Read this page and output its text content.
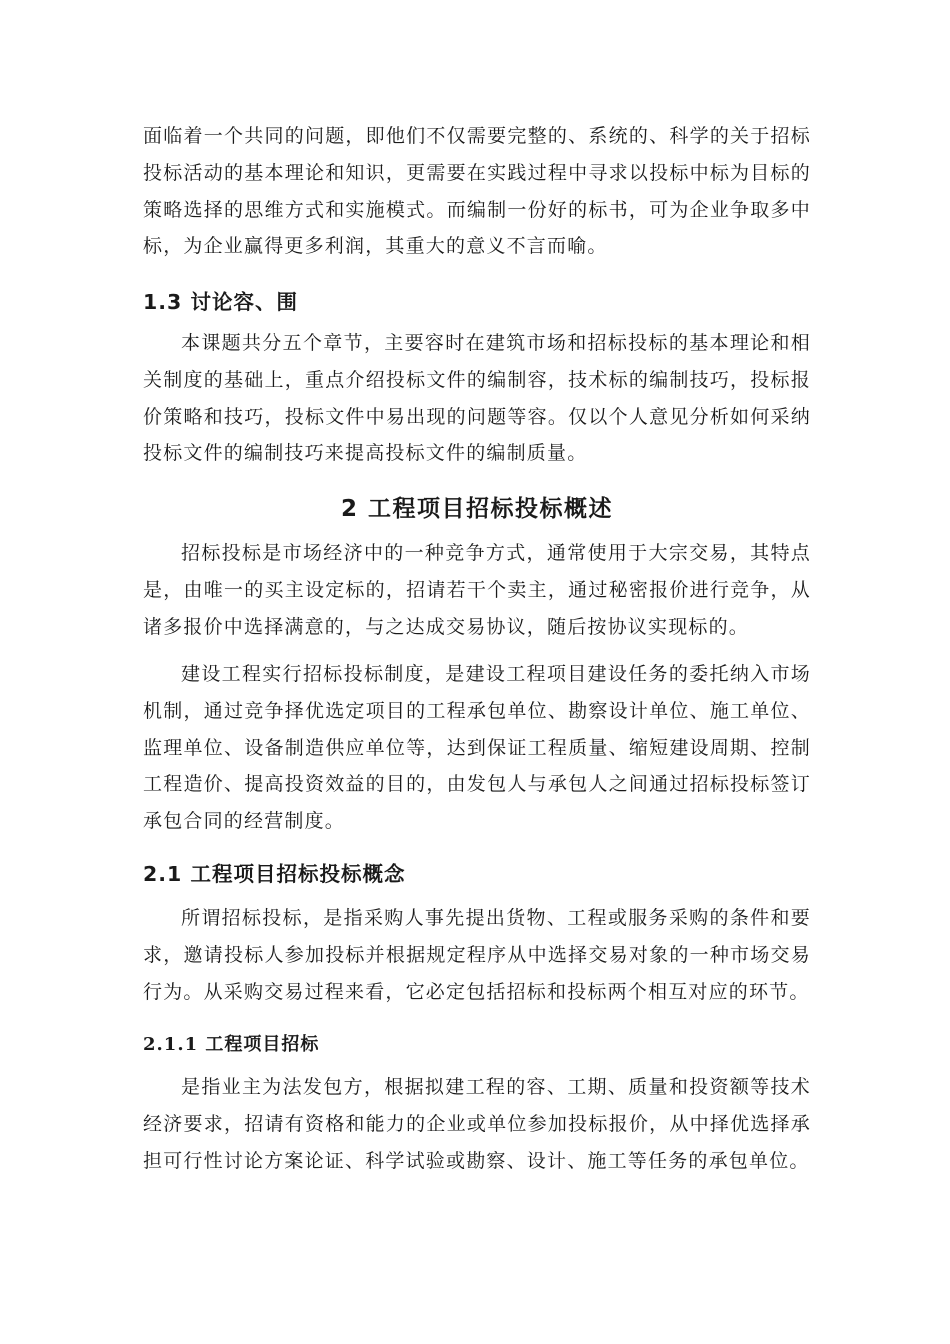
面临着一个共同的问题，即他们不仅需要完整的、系统的、科学的关于招标投标活动的基本理论和知识，更需要在实践过程中寻求以投标中标为目标的策略选择的思维方式和实施模式。而编制一份好的标书，可为企业争取多中标，为企业赢得更多利润，其重大的意义不言而喻。

1.3 讨论容、围

本课题共分五个章节，主要容时在建筑市场和招标投标的基本理论和相关制度的基础上，重点介绍投标文件的编制容，技术标的编制技巧，投标报价策略和技巧，投标文件中易出现的问题等容。仅以个人意见分析如何采纳投标文件的编制技巧来提高投标文件的编制质量。

2 工程项目招标投标概述

招标投标是市场经济中的一种竞争方式，通常使用于大宗交易，其特点是，由唯一的买主设定标的，招请若干个卖主，通过秘密报价进行竞争，从诸多报价中选择满意的，与之达成交易协议，随后按协议实现标的。

建设工程实行招标投标制度，是建设工程项目建设任务的委托纳入市场机制，通过竞争择优选定项目的工程承包单位、勘察设计单位、施工单位、监理单位、设备制造供应单位等，达到保证工程质量、缩短建设周期、控制工程造价、提高投资效益的目的，由发包人与承包人之间通过招标投标签订承包合同的经营制度。

2.1 工程项目招标投标概念

所谓招标投标，是指采购人事先提出货物、工程或服务采购的条件和要求，邀请投标人参加投标并根据规定程序从中选择交易对象的一种市场交易行为。从采购交易过程来看，它必定包括招标和投标两个相互对应的环节。

2.1.1 工程项目招标

是指业主为法发包方，根据拟建工程的容、工期、质量和投资额等技术经济要求，招请有资格和能力的企业或单位参加投标报价，从中择优选择承担可行性讨论方案论证、科学试验或勘察、设计、施工等任务的承包单位。
